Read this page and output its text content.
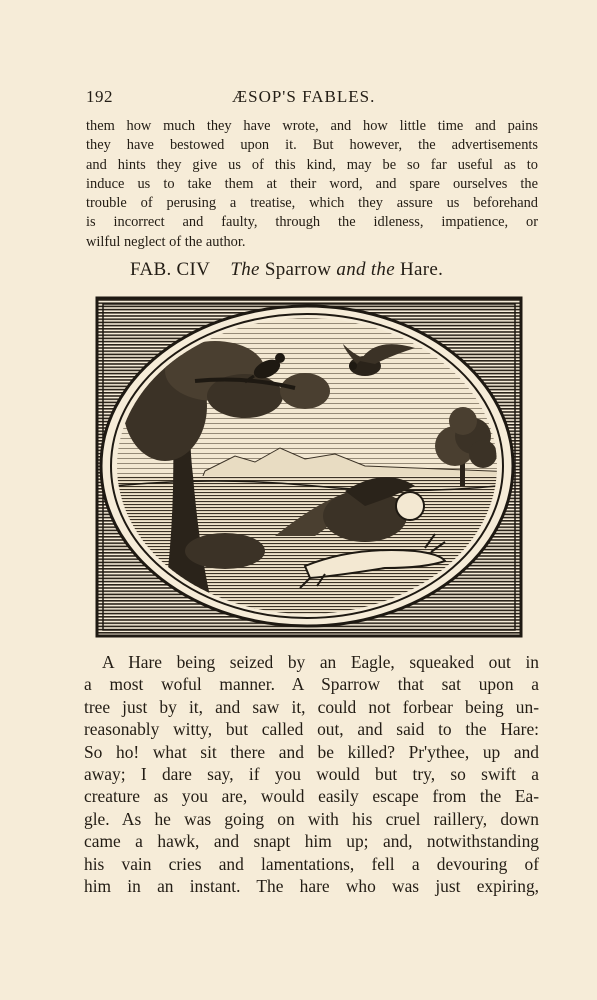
192	ÆSOP'S FABLES.
them how much they have wrote, and how little time and pains
they have bestowed upon it. But however, the advertisements
and hints they give us of this kind, may be so far useful as to
induce us to take them at their word, and spare ourselves the
trouble of perusing a treatise, which they assure us beforehand
is incorrect and faulty, through the idleness, impatience, or
wilful neglect of the author.
FAB. CIV The Sparrow and the Hare.
A Hare being seized by an Eagle, squeaked out in
a most woful manner. A Sparrow that sat upon a
tree just by it, and saw it, could not forbear being un-
reasonably witty, but called out, and said to the Hare:
So ho! what sit there and be killed? Pr'ythee, up and
away; I dare say, if you would but try, so swift a
creature as you are, would easily escape from the Ea-
gle. As he was going on with his cruel raillery, down
came a hawk, and snapt him up; and, notwithstanding
his vain cries and lamentations, fell a devouring of
him in an instant. The hare who was just expiring,
